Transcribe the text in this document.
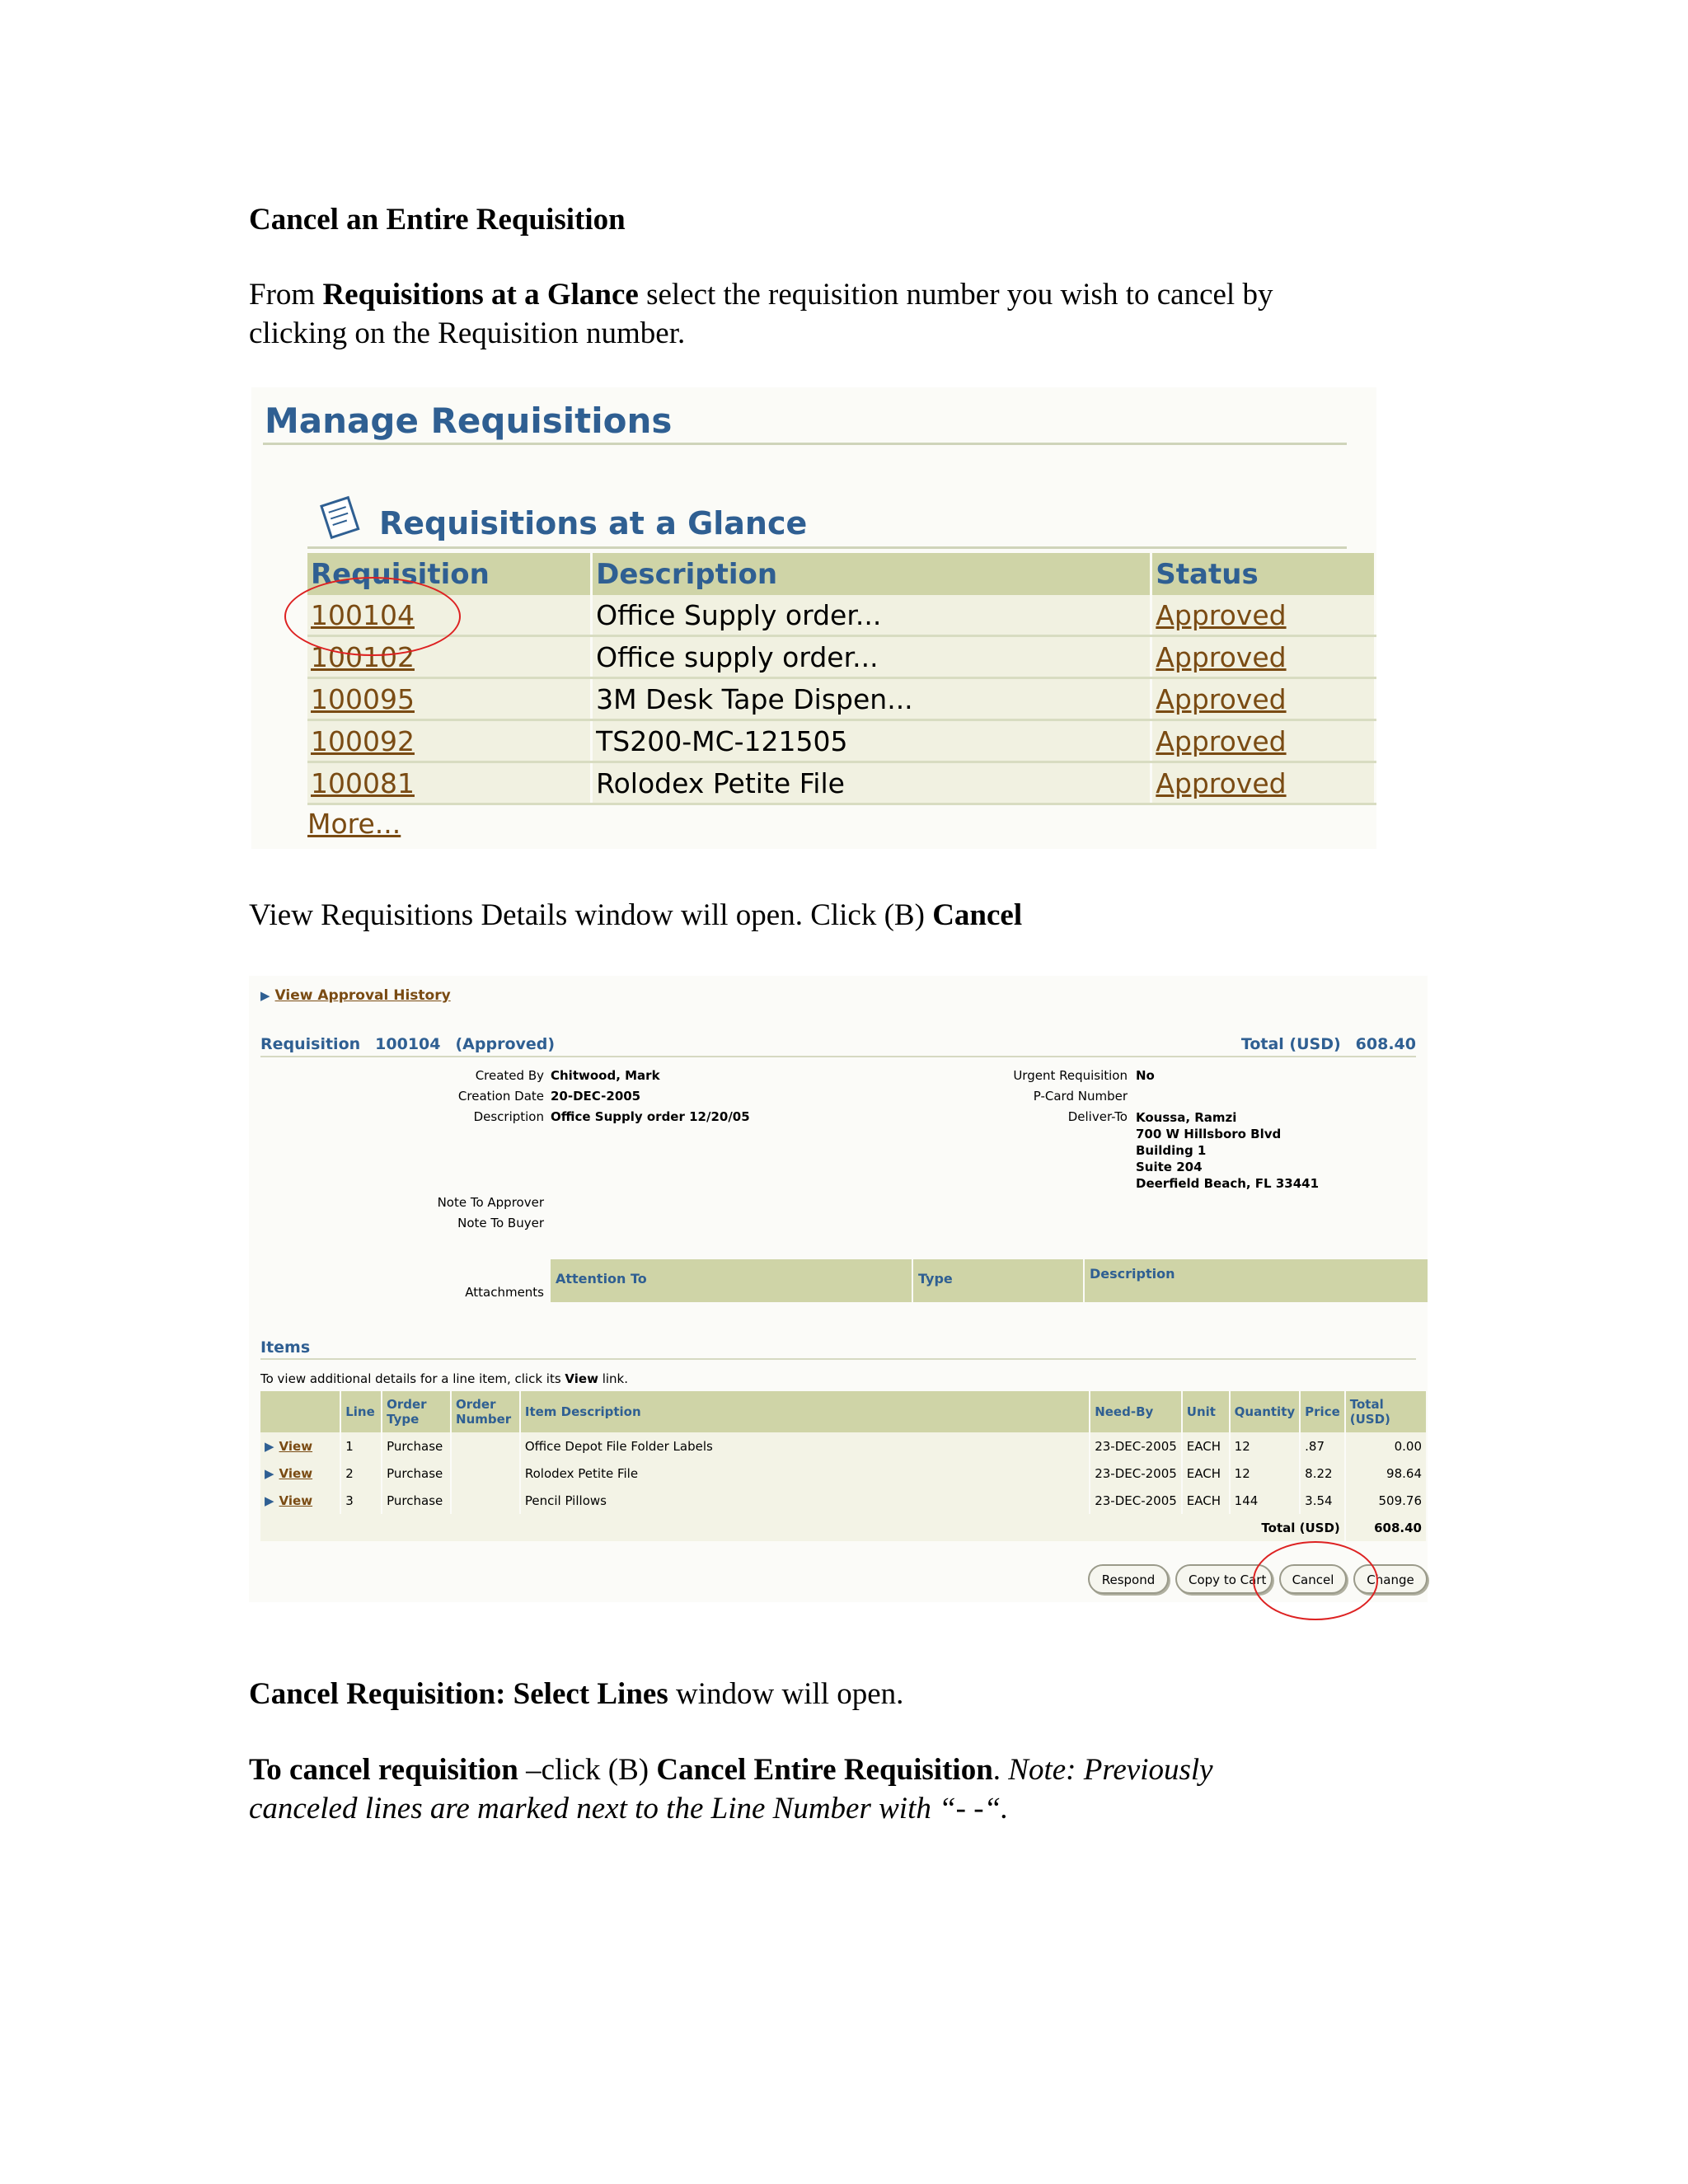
Cancel an Entire Requisition
From Requisitions at a Glance select the requisition number you wish to cancel by
clicking on the Requisition number.
Manage Requisitions
Requisitions at a Glance
Requisition	Description	Status
100104	Office Supply order...	Approved
100102	Office supply order...	Approved
100095	3M Desk Tape Dispen...	Approved
100092	TS200-MC-121505	Approved
100081	Rolodex Petite File	Approved
More...
View Requisitions Details window will open. Click (B) Cancel
▶ View Approval History
Requisition 100104 (Approved)	Total (USD) 608.40
Created By Chitwood, Mark
Creation Date 20-DEC-2005
Description Office Supply order 12/20/05
Urgent Requisition No
P-Card Number
Deliver-To Koussa, Ramzi
700 W Hillsboro Blvd
Building 1
Suite 204
Deerfield Beach, FL 33441
Note To Approver
Note To Buyer
Attachments
Attention To	Type	Description
Items
To view additional details for a line item, click its View link.
	Line	Order Type	Order Number	Item Description	Need-By	Unit	Quantity	Price	Total (USD)
▶ View	1	Purchase		Office Depot File Folder Labels	23-DEC-2005	EACH	12	.87	0.00
▶ View	2	Purchase		Rolodex Petite File	23-DEC-2005	EACH	12	8.22	98.64
▶ View	3	Purchase		Pencil Pillows	23-DEC-2005	EACH	144	3.54	509.76
Total (USD)									608.40
Respond	Copy to Cart	Cancel	Change
Cancel Requisition: Select Lines window will open.
To cancel requisition –click (B) Cancel Entire Requisition. Note: Previously
canceled lines are marked next to the Line Number with “- -“.
